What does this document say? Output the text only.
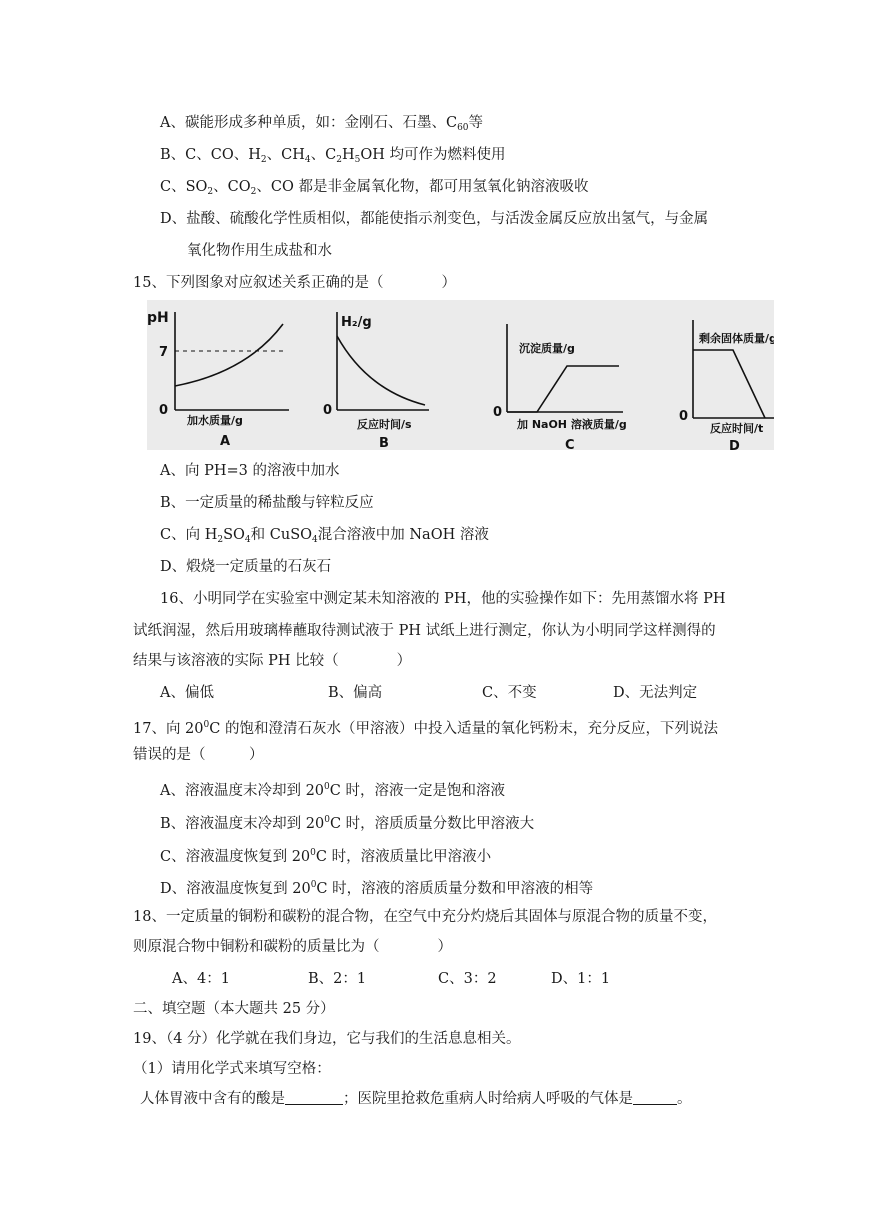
A、碳能形成多种单质，如：金刚石、石墨、$C_{60}$等
B、C、CO、$H_2$、$CH_4$、$C_2H_5OH$ 均可作为燃料使用
C、$SO_2$、$CO_2$、CO 都是非金属氧化物，都可用氢氧化钠溶液吸收
D、盐酸、硫酸化学性质相似，都能使指示剂变色，与活泼金属反应放出氢气，与金属
氧化物作用生成盐和水
15、下列图象对应叙述关系正确的是（　　　　）
pH
7
0
加水质量/g
A
H₂/g
0
反应时间/s
B
沉淀质量/g
0
加 NaOH 溶液质量/g
C
剩余固体质量/g
0
反应时间/t
D
A、向 PH=3 的溶液中加水
B、一定质量的稀盐酸与锌粒反应
C、向 $H_2SO_4$和 CuSO$_4$混合溶液中加 NaOH 溶液
D、煅烧一定质量的石灰石
16、小明同学在实验室中测定某未知溶液的 PH，他的实验操作如下：先用蒸馏水将 PH
试纸润湿，然后用玻璃棒蘸取待测试液于 PH 试纸上进行测定，你认为小明同学这样测得的
结果与该溶液的实际 PH 比较（　　　　）
A、偏低	B、偏高	C、不变	D、无法判定
17、向 $20^0C$ 的饱和澄清石灰水（甲溶液）中投入适量的氧化钙粉末，充分反应，下列说法
错误的是（　　　）
A、溶液温度末冷却到 $20^0C$ 时，溶液一定是饱和溶液
B、溶液温度末冷却到 $20^0C$ 时，溶质质量分数比甲溶液大
C、溶液温度恢复到 $20^0C$ 时，溶液质量比甲溶液小
D、溶液温度恢复到 $20^0C$ 时，溶液的溶质质量分数和甲溶液的相等
18、一定质量的铜粉和碳粉的混合物，在空气中充分灼烧后其固体与原混合物的质量不变，
则原混合物中铜粉和碳粉的质量比为（　　　　）
A、4：1	B、2：1	C、3：2	D、1：1
二、填空题（本大题共 25 分）
19、（4 分）化学就在我们身边，它与我们的生活息息相关。
（1）请用化学式来填写空格：
人体胃液中含有的酸是	；医院里抢救危重病人时给病人呼吸的气体是	。
